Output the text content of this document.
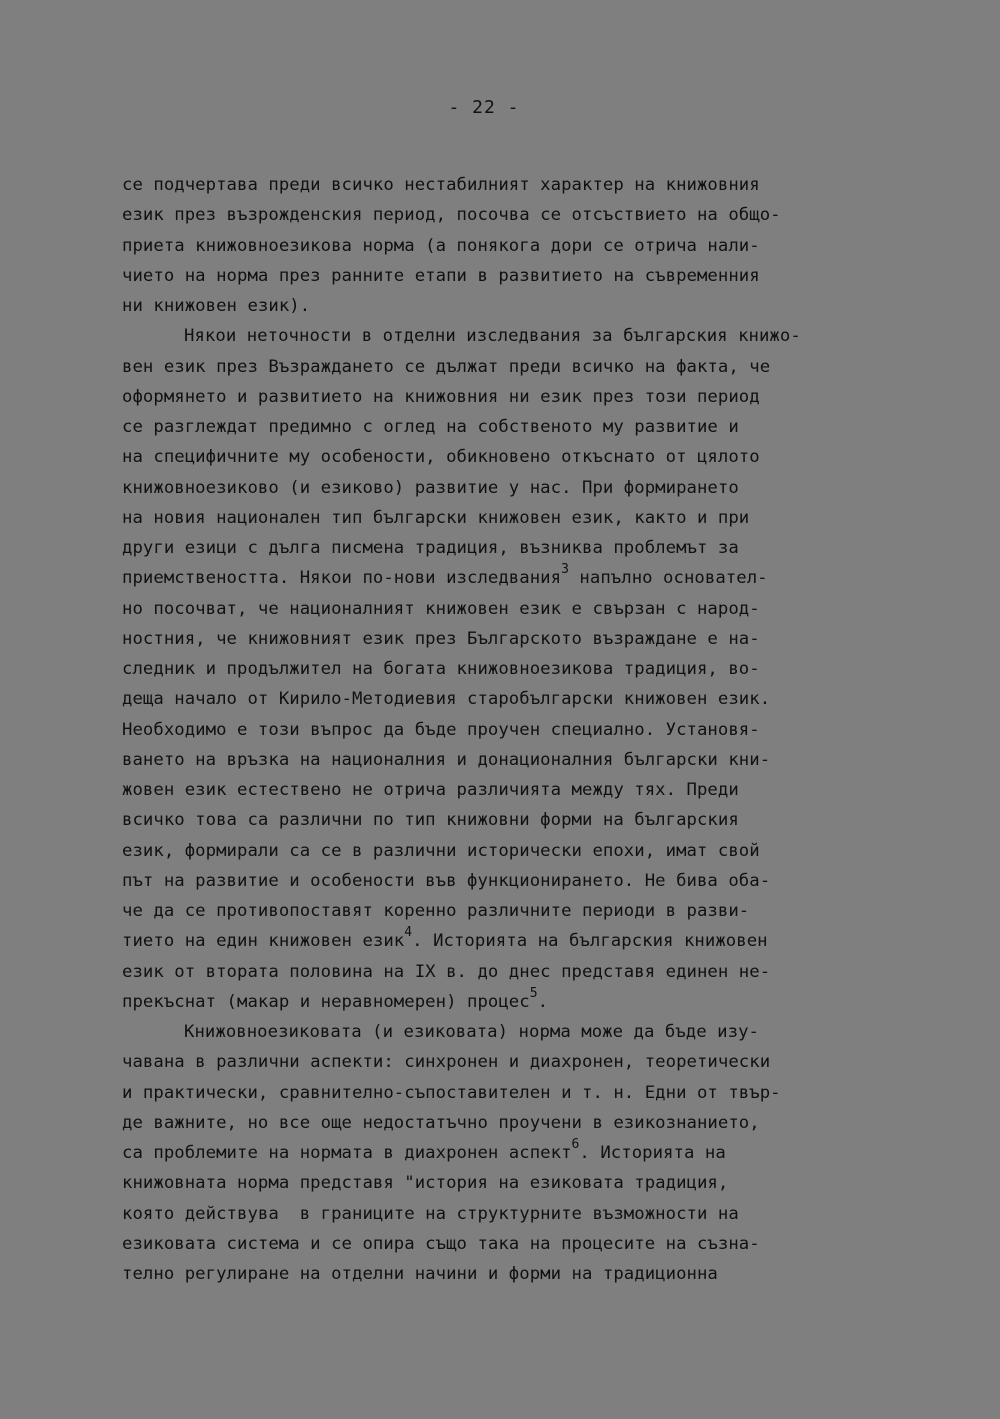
- 22 -
се подчертава преди всичко нестабилният характер на книжовния
език през възрожденския период, посочва се отсъствието на общо-
приета книжовноезикова норма (а понякога дори се отрича нали-
чието на норма през ранните етапи в развитието на съвременния
ни книжовен език).
Някои неточности в отделни изследвания за българския книжо-
вен език през Възраждането се дължат преди всичко на факта, че
оформянето и развитието на книжовния ни език през този период
се разглеждат предимно с оглед на собственото му развитие и
на специфичните му особености, обикновено откъснато от цялото
книжовноезиково (и езиково) развитие у нас. При формирането
на новия национален тип български книжовен език, както и при
други езици с дълга писмена традиция, възниква проблемът за
приемствеността. Някои по-нови изследвания$^3$ напълно основател-
но посочват, че националният книжовен език е свързан с народ-
ностния, че книжовният език през Българското възраждане е на-
следник и продължител на богата книжовноезикова традиция, во-
деща начало от Кирило-Методиевия старобългарски книжовен език.
Необходимо е този въпрос да бъде проучен специално. Установя-
ването на връзка на националния и донационалния български кни-
жовен език естествено не отрича различията между тях. Преди
всичко това са различни по тип книжовни форми на българския
език, формирали са се в различни исторически епохи, имат свой
път на развитие и особености във функционирането. Не бива оба-
че да се противопоставят коренно различните периоди в разви-
тието на един книжовен език$^4$. Историята на българския книжовен
език от втората половина на IX в. до днес представя единен не-
прекъснат (макар и неравномерен) процес$^5$.
Книжовноезиковата (и езиковата) норма може да бъде изу-
чавана в различни аспекти: синхронен и диахронен, теоретически
и практически, сравнително-съпоставителен и т. н. Едни от твър-
де важните, но все още недостатъчно проучени в езикознанието,
са проблемите на нормата в диахронен аспект$^6$. Историята на
книжовната норма представя "история на езиковата традиция,
която действува  в границите на структурните възможности на
езиковата система и се опира също така на процесите на съзна-
телно регулиране на отделни начини и форми на традиционна
